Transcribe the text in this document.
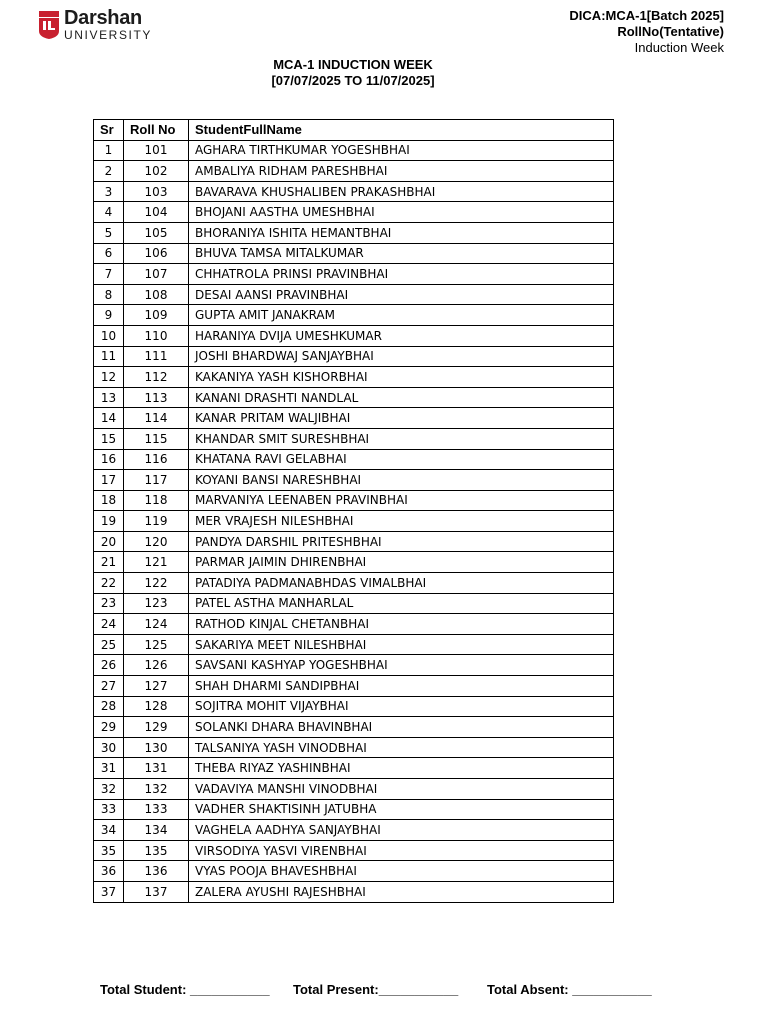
Darshan
UNIVERSITY
DICA:MCA-1[Batch 2025]
RollNo(Tentative)
Induction Week
MCA-1 INDUCTION WEEK
[07/07/2025 TO 11/07/2025]
Sr	Roll No	StudentFullName
1	101	AGHARA TIRTHKUMAR YOGESHBHAI
2	102	AMBALIYA RIDHAM PARESHBHAI
3	103	BAVARAVA KHUSHALIBEN PRAKASHBHAI
4	104	BHOJANI AASTHA UMESHBHAI
5	105	BHORANIYA ISHITA HEMANTBHAI
6	106	BHUVA TAMSA MITALKUMAR
7	107	CHHATROLA PRINSI PRAVINBHAI
8	108	DESAI AANSI PRAVINBHAI
9	109	GUPTA AMIT JANAKRAM
10	110	HARANIYA DVIJA UMESHKUMAR
11	111	JOSHI BHARDWAJ SANJAYBHAI
12	112	KAKANIYA YASH KISHORBHAI
13	113	KANANI DRASHTI NANDLAL
14	114	KANAR PRITAM WALJIBHAI
15	115	KHANDAR SMIT SURESHBHAI
16	116	KHATANA RAVI GELABHAI
17	117	KOYANI BANSI NARESHBHAI
18	118	MARVANIYA LEENABEN PRAVINBHAI
19	119	MER VRAJESH NILESHBHAI
20	120	PANDYA DARSHIL PRITESHBHAI
21	121	PARMAR JAIMIN DHIRENBHAI
22	122	PATADIYA PADMANABHDAS VIMALBHAI
23	123	PATEL ASTHA MANHARLAL
24	124	RATHOD KINJAL CHETANBHAI
25	125	SAKARIYA MEET NILESHBHAI
26	126	SAVSANI KASHYAP YOGESHBHAI
27	127	SHAH DHARMI SANDIPBHAI
28	128	SOJITRA MOHIT VIJAYBHAI
29	129	SOLANKI DHARA BHAVINBHAI
30	130	TALSANIYA YASH VINODBHAI
31	131	THEBA RIYAZ YASHINBHAI
32	132	VADAVIYA MANSHI VINODBHAI
33	133	VADHER SHAKTISINH JATUBHA
34	134	VAGHELA AADHYA SANJAYBHAI
35	135	VIRSODIYA YASVI VIRENBHAI
36	136	VYAS POOJA BHAVESHBHAI
37	137	ZALERA AYUSHI RAJESHBHAI
Total Student: ___________ Total Present:___________ Total Absent: ___________
